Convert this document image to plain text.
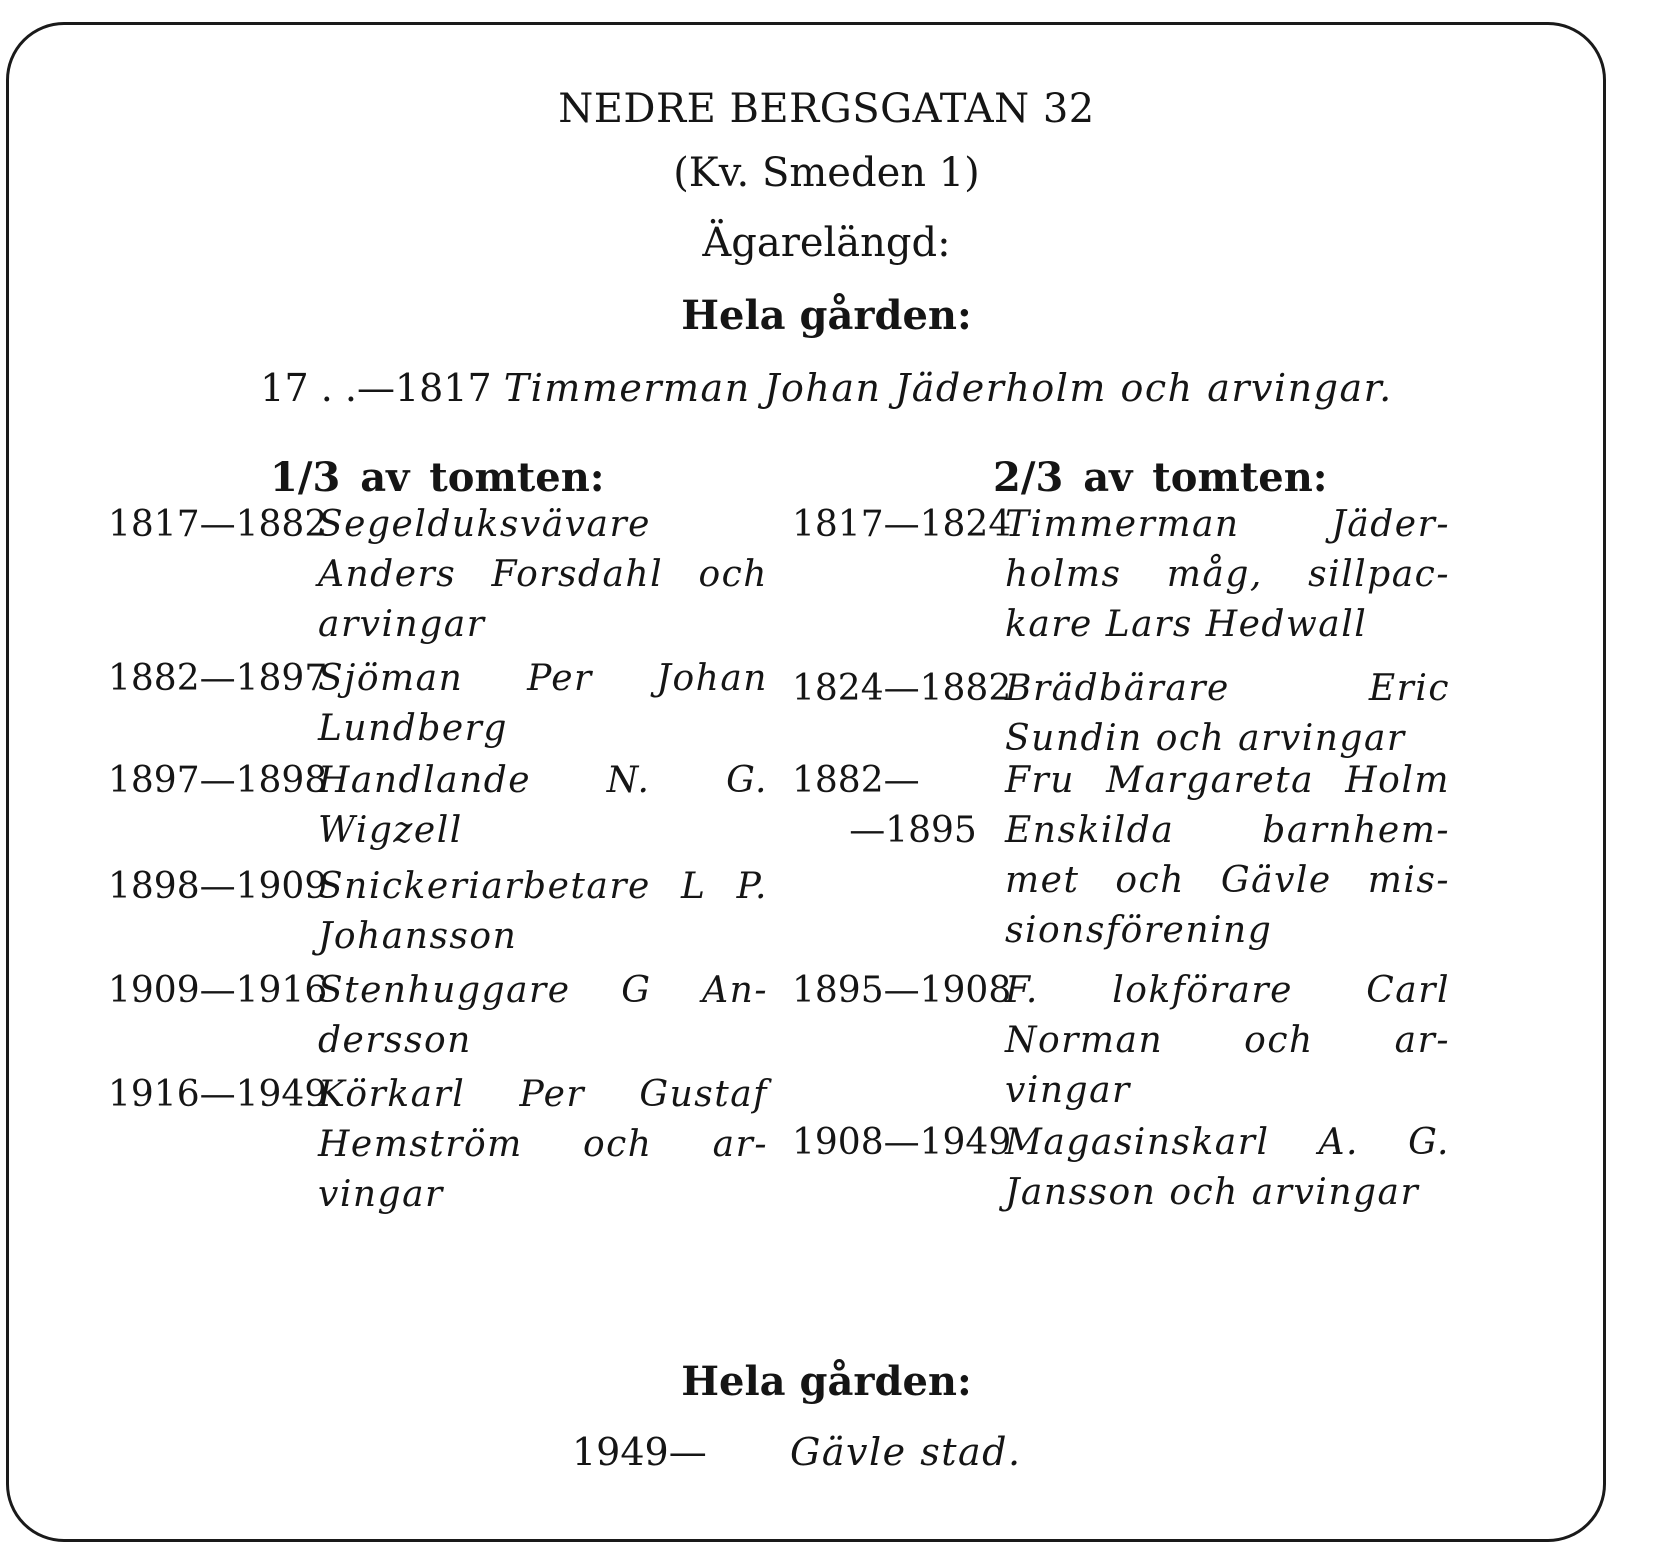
NEDRE BERGSGATAN 32
(Kv. Smeden 1)
Ägarelängd:
Hela gården:
17 . .—1817 Timmerman Johan Jäderholm och arvingar.
1/3 av tomten:	2/3 av tomten:
1817—1882
Segelduksvävare Anders Forsdahl och arvingar
1882—1897
Sjöman Per Johan Lundberg
1897—1898
Handlande N. G. Wigzell
1898—1909
Snickeriarbetare L P. Johansson
1909—1916
Stenhuggare G An- dersson
1916—1949
Körkarl Per Gustaf Hemström och ar- vingar
1817—1824
Timmerman Jäder- holms måg, sillpac- kare Lars Hedwall
1824—1882
Brädbärare Eric Sundin och arvingar
1882—
—1895
Fru Margareta Holm Enskilda barnhem- met och Gävle mis- sionsförening
1895—1908
F. lokförare Carl Norman och ar- vingar
1908—1949
Magasinskarl A. G. Jansson och arvingar
Hela gården:
1949— Gävle stad.
